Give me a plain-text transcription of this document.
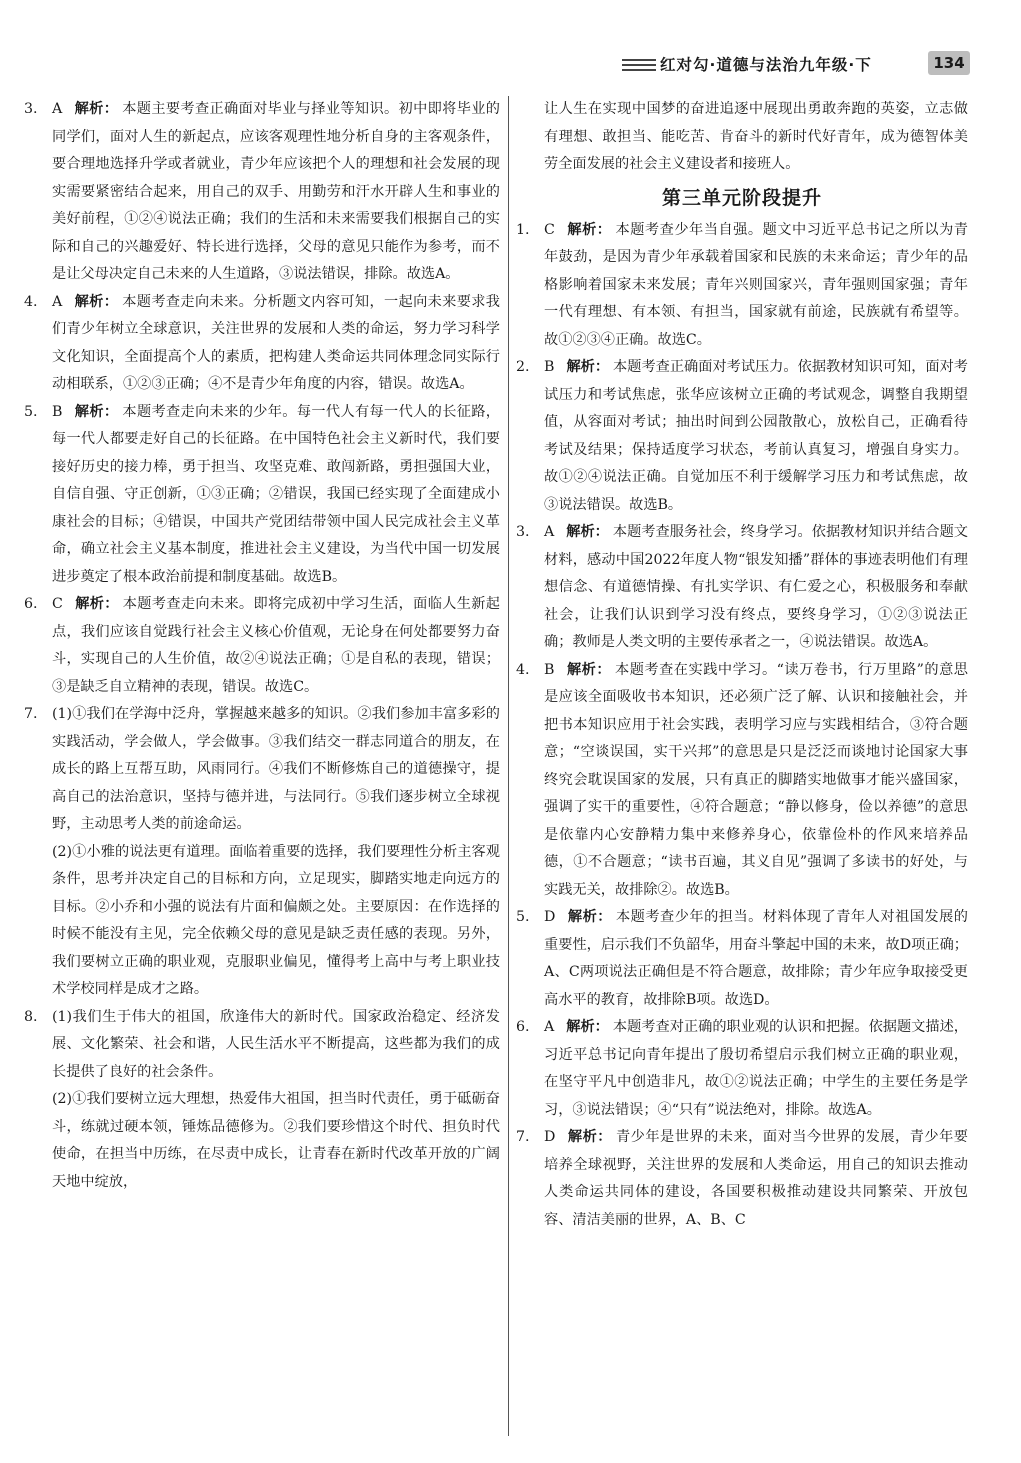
红对勾·道德与法治九年级·下	134
3.	A 解析： 本题主要考查正确面对毕业与择业等知识。初中即将毕业的同学们，面对人生的新起点，应该客观理性地分析自身的主客观条件，要合理地选择升学或者就业，青少年应该把个人的理想和社会发展的现实需要紧密结合起来，用自己的双手、用勤劳和汗水开辟人生和事业的美好前程，①②④说法正确；我们的生活和未来需要我们根据自己的实际和自己的兴趣爱好、特长进行选择，父母的意见只能作为参考，而不是让父母决定自己未来的人生道路，③说法错误，排除。故选A。
4.	A 解析： 本题考查走向未来。分析题文内容可知，一起向未来要求我们青少年树立全球意识，关注世界的发展和人类的命运，努力学习科学文化知识，全面提高个人的素质，把构建人类命运共同体理念同实际行动相联系，①②③正确；④不是青少年角度的内容，错误。故选A。
5.	B 解析： 本题考查走向未来的少年。每一代人有每一代人的长征路，每一代人都要走好自己的长征路。在中国特色社会主义新时代，我们要接好历史的接力棒，勇于担当、攻坚克难、敢闯新路，勇担强国大业，自信自强、守正创新，①③正确；②错误，我国已经实现了全面建成小康社会的目标；④错误，中国共产党团结带领中国人民完成社会主义革命，确立社会主义基本制度，推进社会主义建设，为当代中国一切发展进步奠定了根本政治前提和制度基础。故选B。
6.	C 解析： 本题考查走向未来。即将完成初中学习生活，面临人生新起点，我们应该自觉践行社会主义核心价值观，无论身在何处都要努力奋斗，实现自己的人生价值，故②④说法正确；①是自私的表现，错误；③是缺乏自立精神的表现，错误。故选C。
7.	(1)①我们在学海中泛舟，掌握越来越多的知识。②我们参加丰富多彩的实践活动，学会做人，学会做事。③我们结交一群志同道合的朋友，在成长的路上互帮互助，风雨同行。④我们不断修炼自己的道德操守，提高自己的法治意识，坚持与德并进，与法同行。⑤我们逐步树立全球视野，主动思考人类的前途命运。
(2)①小雅的说法更有道理。面临着重要的选择，我们要理性分析主客观条件，思考并决定自己的目标和方向，立足现实，脚踏实地走向远方的目标。②小乔和小强的说法有片面和偏颇之处。主要原因：在作选择的时候不能没有主见，完全依赖父母的意见是缺乏责任感的表现。另外，我们要树立正确的职业观，克服职业偏见，懂得考上高中与考上职业技术学校同样是成才之路。
8.	(1)我们生于伟大的祖国，欣逢伟大的新时代。国家政治稳定、经济发展、文化繁荣、社会和谐，人民生活水平不断提高，这些都为我们的成长提供了良好的社会条件。
(2)①我们要树立远大理想，热爱伟大祖国，担当时代责任，勇于砥砺奋斗，练就过硬本领，锤炼品德修为。②我们要珍惜这个时代、担负时代使命，在担当中历练，在尽责中成长，让青春在新时代改革开放的广阔天地中绽放，
让人生在实现中国梦的奋进追逐中展现出勇敢奔跑的英姿，立志做有理想、敢担当、能吃苦、肯奋斗的新时代好青年，成为德智体美劳全面发展的社会主义建设者和接班人。
第三单元阶段提升
1.	C 解析： 本题考查少年当自强。题文中习近平总书记之所以为青年鼓劲，是因为青少年承载着国家和民族的未来命运；青少年的品格影响着国家未来发展；青年兴则国家兴，青年强则国家强；青年一代有理想、有本领、有担当，国家就有前途，民族就有希望等。故①②③④正确。故选C。
2.	B 解析： 本题考查正确面对考试压力。依据教材知识可知，面对考试压力和考试焦虑，张华应该树立正确的考试观念，调整自我期望值，从容面对考试；抽出时间到公园散散心，放松自己，正确看待考试及结果；保持适度学习状态，考前认真复习，增强自身实力。故①②④说法正确。自觉加压不利于缓解学习压力和考试焦虑，故③说法错误。故选B。
3.	A 解析： 本题考查服务社会，终身学习。依据教材知识并结合题文材料，感动中国2022年度人物“银发知播”群体的事迹表明他们有理想信念、有道德情操、有扎实学识、有仁爱之心，积极服务和奉献社会，让我们认识到学习没有终点，要终身学习，①②③说法正确；教师是人类文明的主要传承者之一，④说法错误。故选A。
4.	B 解析： 本题考查在实践中学习。“读万卷书，行万里路”的意思是应该全面吸收书本知识，还必须广泛了解、认识和接触社会，并把书本知识应用于社会实践，表明学习应与实践相结合，③符合题意；“空谈误国，实干兴邦”的意思是只是泛泛而谈地讨论国家大事终究会耽误国家的发展，只有真正的脚踏实地做事才能兴盛国家，强调了实干的重要性，④符合题意；“静以修身，俭以养德”的意思是依靠内心安静精力集中来修养身心，依靠俭朴的作风来培养品德，①不合题意；“读书百遍，其义自见”强调了多读书的好处，与实践无关，故排除②。故选B。
5.	D 解析： 本题考查少年的担当。材料体现了青年人对祖国发展的重要性，启示我们不负韶华，用奋斗擎起中国的未来，故D项正确；A、C两项说法正确但是不符合题意，故排除；青少年应争取接受更高水平的教育，故排除B项。故选D。
6.	A 解析： 本题考查对正确的职业观的认识和把握。依据题文描述，习近平总书记向青年提出了殷切希望启示我们树立正确的职业观，在坚守平凡中创造非凡，故①②说法正确；中学生的主要任务是学习，③说法错误；④“只有”说法绝对，排除。故选A。
7.	D 解析： 青少年是世界的未来，面对当今世界的发展，青少年要培养全球视野，关注世界的发展和人类命运，用自己的知识去推动人类命运共同体的建设，各国要积极推动建设共同繁荣、开放包容、清洁美丽的世界，A、B、C
